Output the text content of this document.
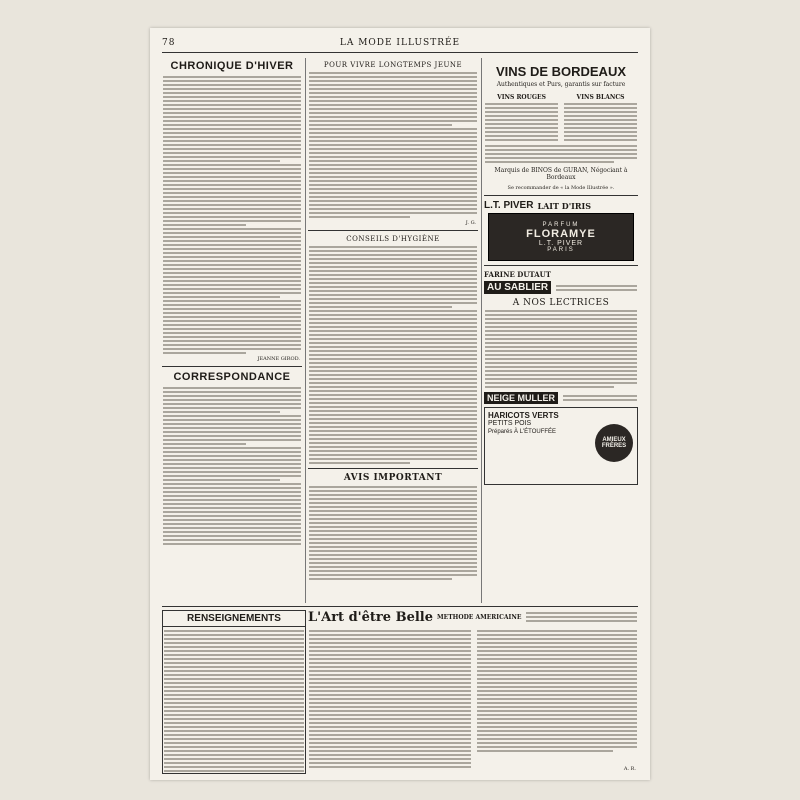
78	LA MODE ILLUSTRÉE
CHRONIQUE D'HIVER
JEANNE GIROD.
CORRESPONDANCE
POUR VIVRE LONGTEMPS JEUNE
J. G.
CONSEILS D'HYGIÈNE
AVIS IMPORTANT
VINS DE BORDEAUX
Authentiques et Purs, garantis sur facture
VINS ROUGES	VINS BLANCS
Marquis de BINOS de GURAN, Négociant à Bordeaux
Se recommander de « la Mode Illustrée ».
L.T. PIVER LAIT D'IRIS
PARFUM
FLORAMYE
L.T. PIVER
PARIS
FARINE DUTAUT
AU SABLIER
A NOS LECTRICES
NEIGE MULLER
HARICOTS VERTS
PETITS POIS
Préparés À L'ÉTOUFFÉE
AMIEUX FRÈRES
L'Art d'être Belle METHODE AMERICAINE
RENSEIGNEMENTS
A. R.
